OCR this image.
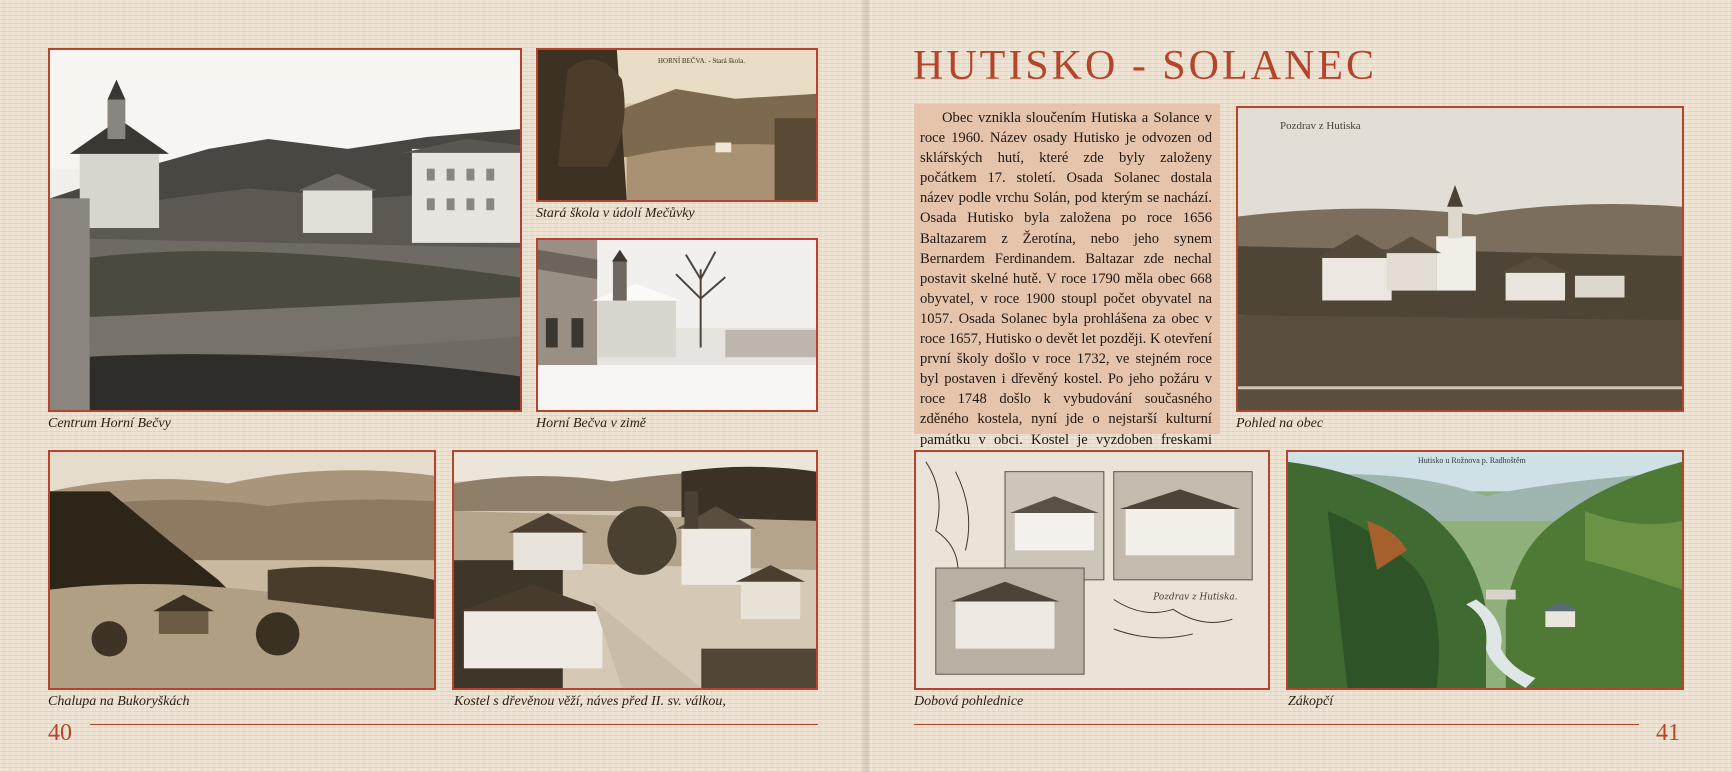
Centrum Horní Bečvy
HORNÍ BEČVA. - Stará škola.
Stará škola v údolí Mečůvky
Horní Bečva v zimě
Chalupa na Bukoryškách	Kostel s dřevěnou věží, náves před II. sv. válkou,
40
HUTISKO - SOLANEC
Obec vznikla sloučením Hutiska a Solance v roce 1960. Název osady Hutisko je odvozen od sklářských hutí, které zde byly založeny počátkem 17. století. Osada Solanec dostala název podle vrchu Solán, pod kterým se nachází. Osada Hutisko byla založena po roce 1656 Baltazarem z Žerotína, nebo jeho synem Bernardem Ferdinandem. Baltazar zde nechal postavit skelné hutě. V roce 1790 měla obec 668 obyvatel, v roce 1900 stoupl počet obyvatel na 1057. Osada Solanec byla prohlášena za obec v roce 1657, Hutisko o devět let později. K otevření první školy došlo v roce 1732, ve stejném roce byl postaven i dřevěný kostel. Po jeho požáru v roce 1748 došlo k vybudování současného zděného kostela, nyní jde o nejstarší kulturní památku v obci. Kostel je vyzdoben freskami
Pozdrav z Hutiska
Pohled na obec
Pozdrav z Hutiska.
Dobová pohlednice
Hutisko u Rožnova p. Radhoštěm
Zákopčí
41
